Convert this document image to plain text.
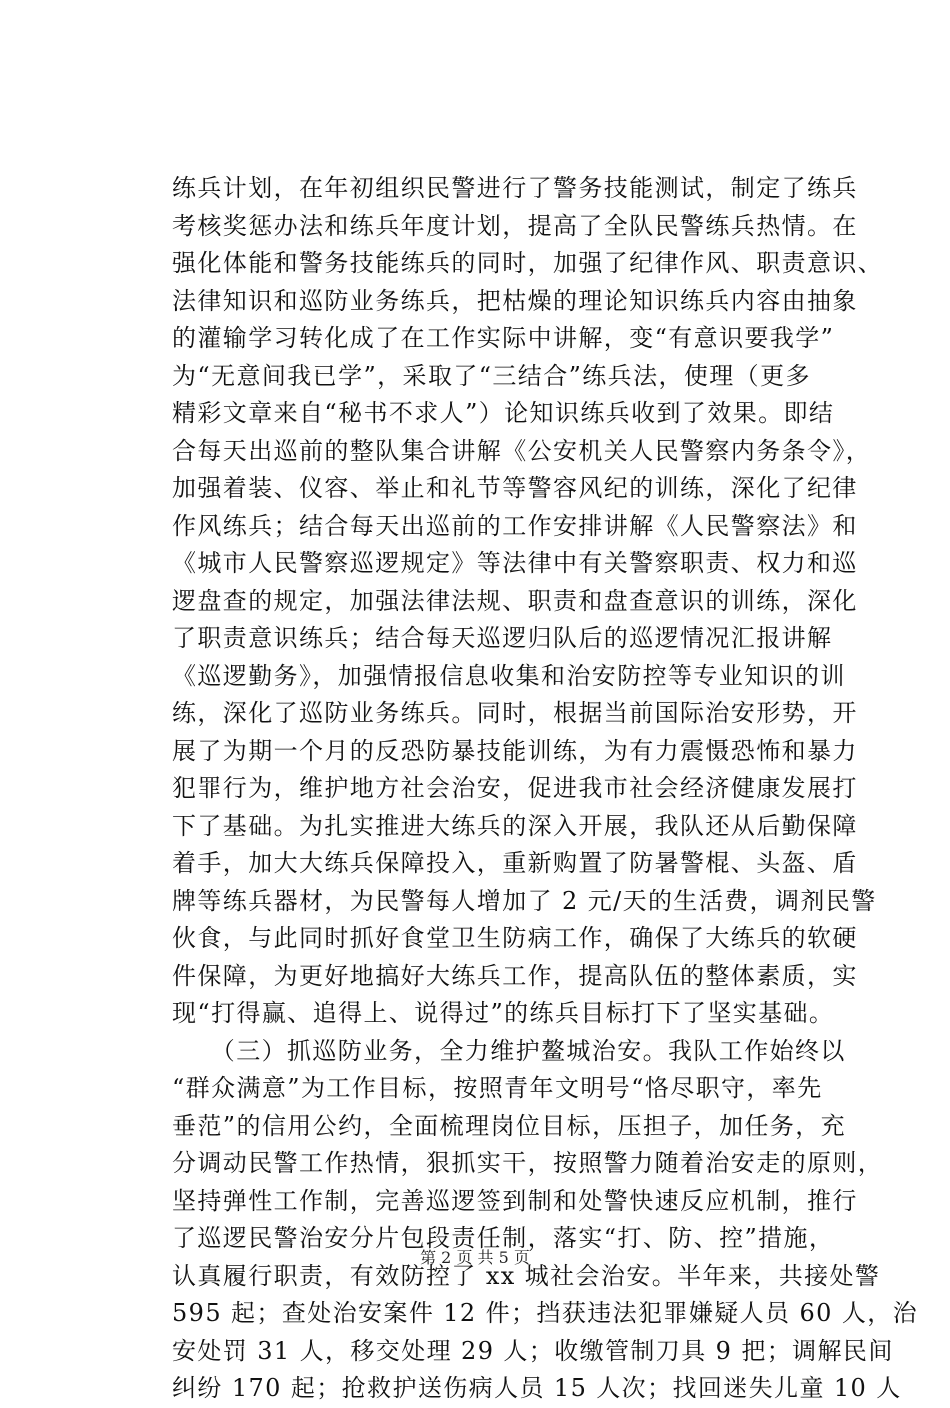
练兵计划，在年初组织民警进行了警务技能测试，制定了练兵
考核奖惩办法和练兵年度计划，提高了全队民警练兵热情。在
强化体能和警务技能练兵的同时，加强了纪律作风、职责意识、
法律知识和巡防业务练兵，把枯燥的理论知识练兵内容由抽象
的灌输学习转化成了在工作实际中讲解，变“有意识要我学”
为“无意间我已学”，采取了“三结合”练兵法，使理（更多
精彩文章来自“秘书不求人”）论知识练兵收到了效果。即结
合每天出巡前的整队集合讲解《公安机关人民警察内务条令》，
加强着装、仪容、举止和礼节等警容风纪的训练，深化了纪律
作风练兵；结合每天出巡前的工作安排讲解《人民警察法》和
《城市人民警察巡逻规定》等法律中有关警察职责、权力和巡
逻盘查的规定，加强法律法规、职责和盘查意识的训练，深化
了职责意识练兵；结合每天巡逻归队后的巡逻情况汇报讲解
《巡逻勤务》，加强情报信息收集和治安防控等专业知识的训
练，深化了巡防业务练兵。同时，根据当前国际治安形势，开
展了为期一个月的反恐防暴技能训练，为有力震慑恐怖和暴力
犯罪行为，维护地方社会治安，促进我市社会经济健康发展打
下了基础。为扎实推进大练兵的深入开展，我队还从后勤保障
着手，加大大练兵保障投入，重新购置了防暑警棍、头盔、盾
牌等练兵器材，为民警每人增加了 2 元/天的生活费，调剂民警
伙食，与此同时抓好食堂卫生防病工作，确保了大练兵的软硬
件保障，为更好地搞好大练兵工作，提高队伍的整体素质，实
现“打得赢、追得上、说得过”的练兵目标打下了坚实基础。
　　（三）抓巡防业务，全力维护鳌城治安。我队工作始终以
“群众满意”为工作目标，按照青年文明号“恪尽职守，率先
垂范”的信用公约，全面梳理岗位目标，压担子，加任务，充
分调动民警工作热情，狠抓实干，按照警力随着治安走的原则，
坚持弹性工作制，完善巡逻签到制和处警快速反应机制，推行
了巡逻民警治安分片包段责任制，落实“打、防、控”措施，
认真履行职责，有效防控了 xx 城社会治安。半年来，共接处警
595 起；查处治安案件 12 件；挡获违法犯罪嫌疑人员 60 人，治
安处罚 31 人，移交处理 29 人；收缴管制刀具 9 把；调解民间
纠纷 170 起；抢救护送伤病人员 15 人次；找回迷失儿童 10 人
第 2 页 共 5 页
